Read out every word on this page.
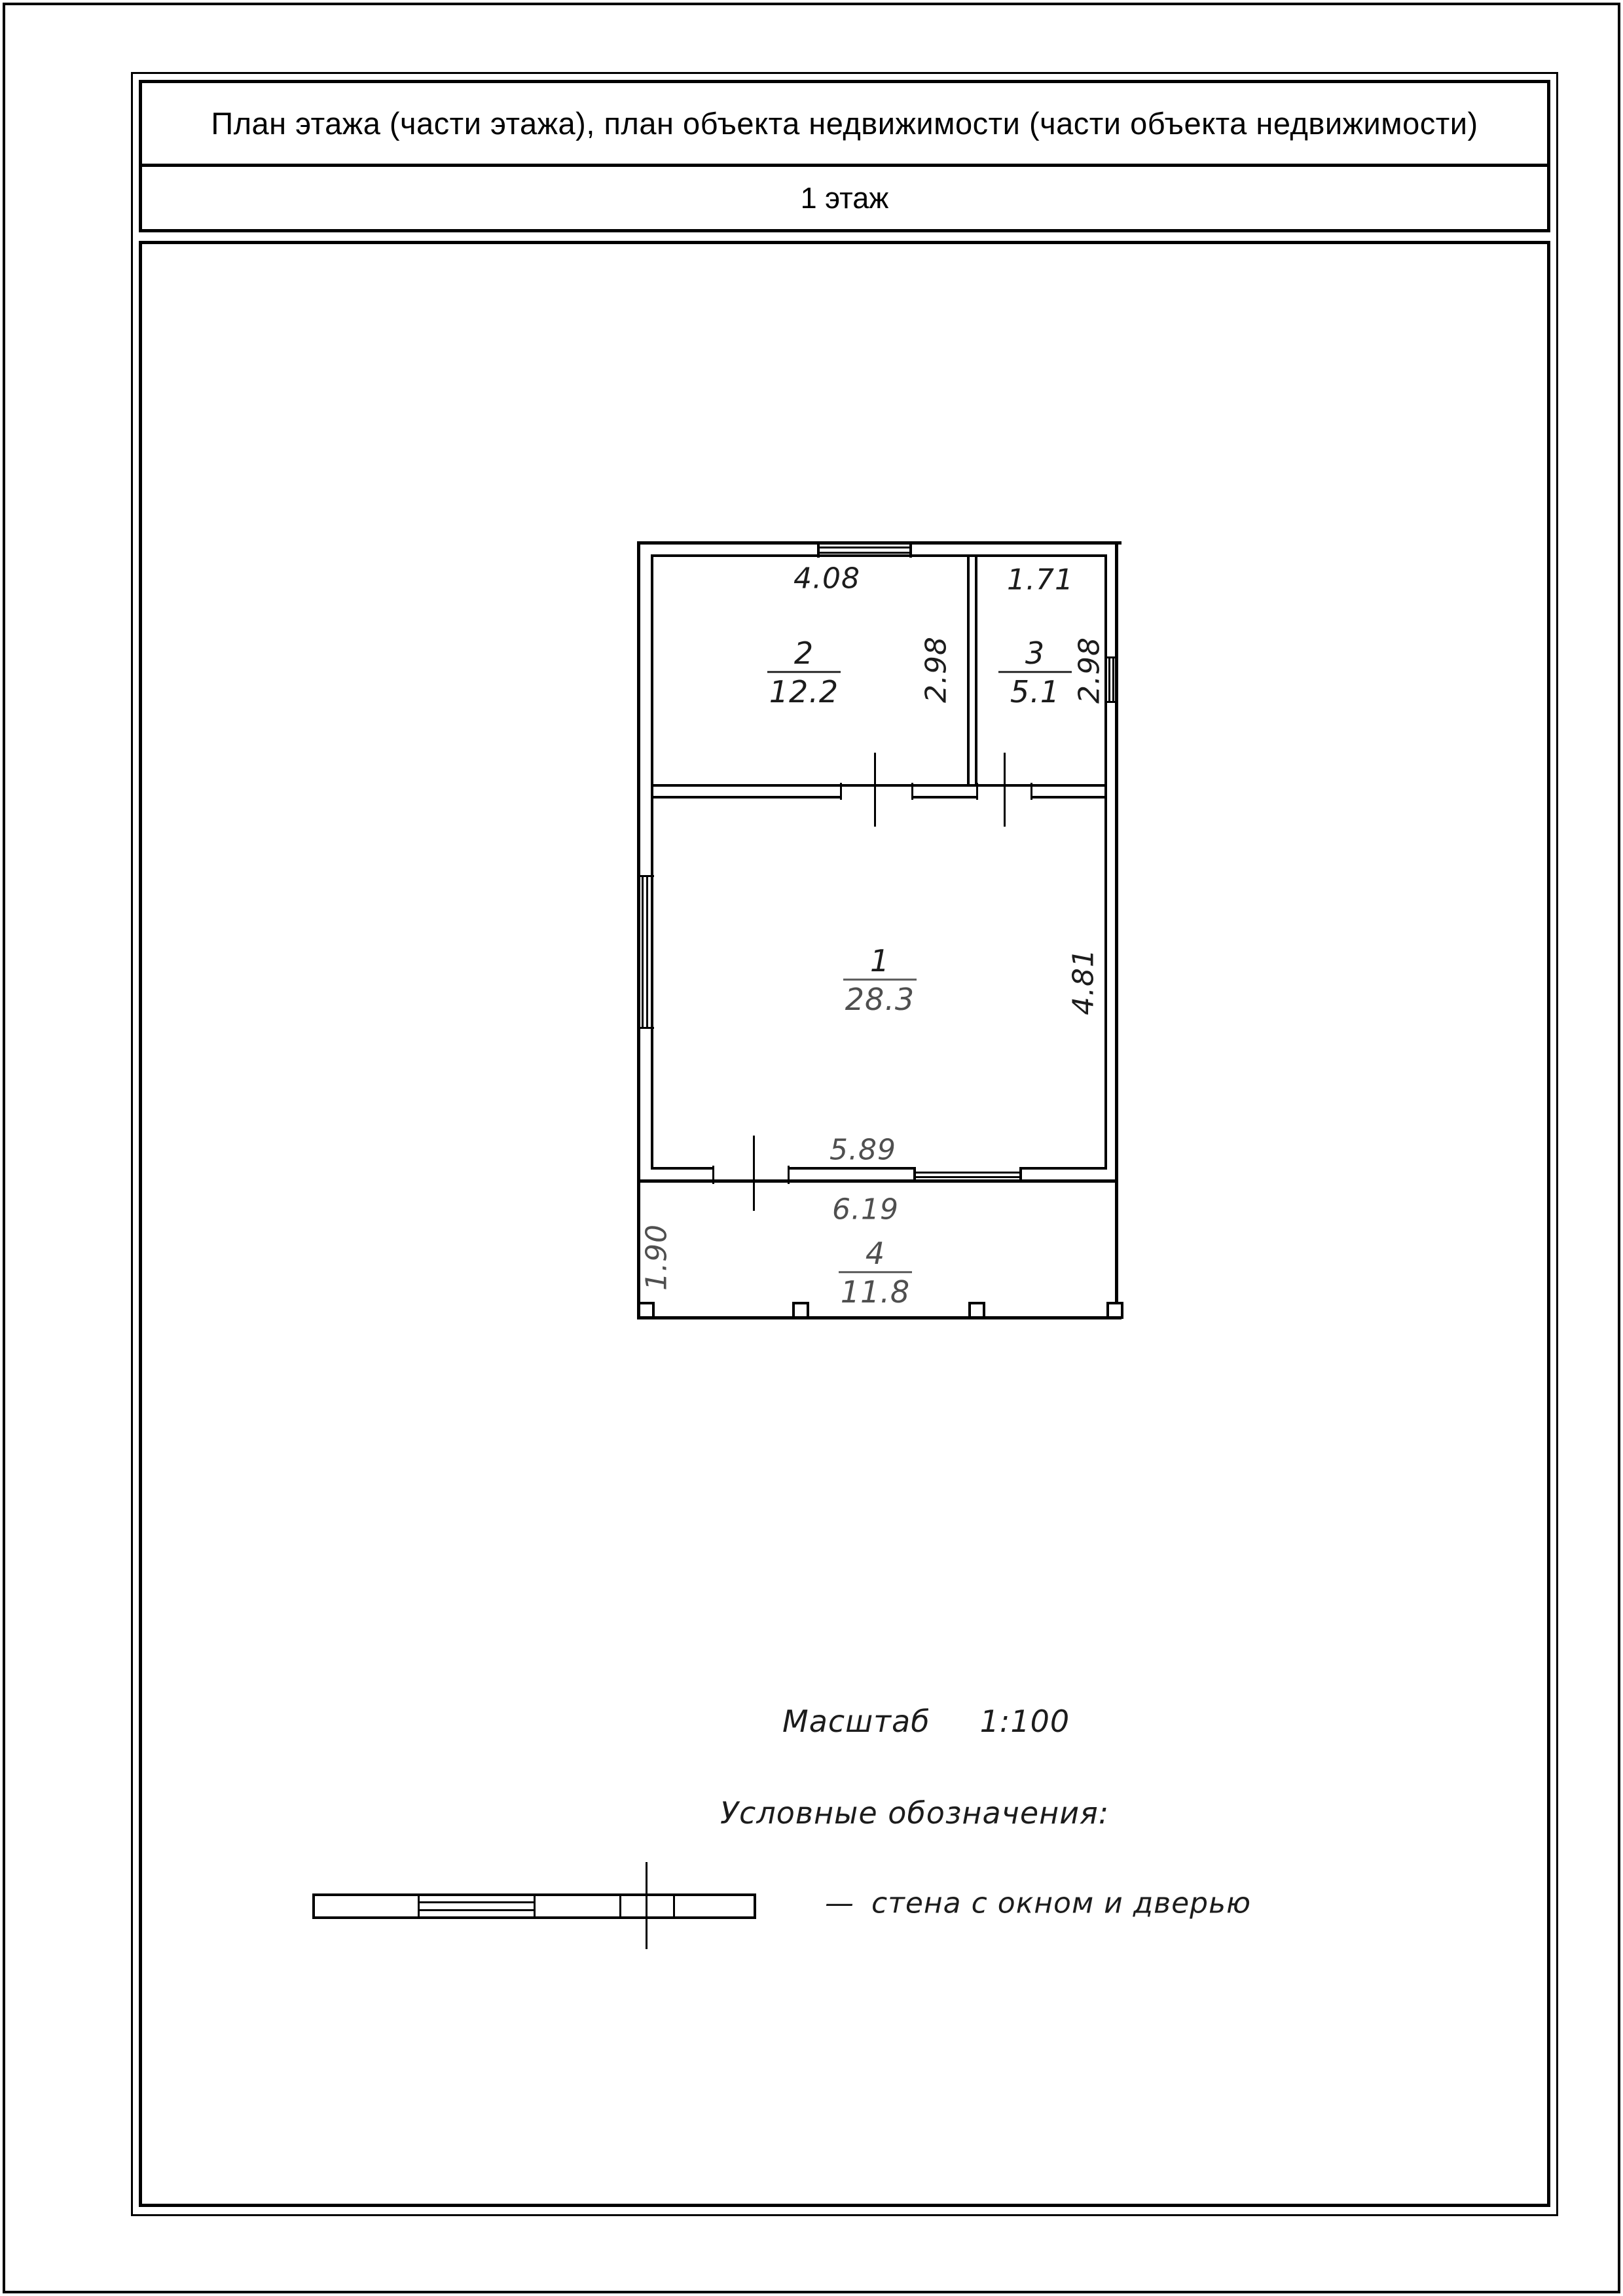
План этажа (части этажа), план объекта недвижимости (части объекта недвижимости)
1 этаж
4.08	1.71
2.98	2.98
4.81
5.89
6.19
1.90
2
12.2
3
5.1
1
28.3
4
11.8
Масштаб 1:100
Условные обозначения:
— стена с окном и дверью
